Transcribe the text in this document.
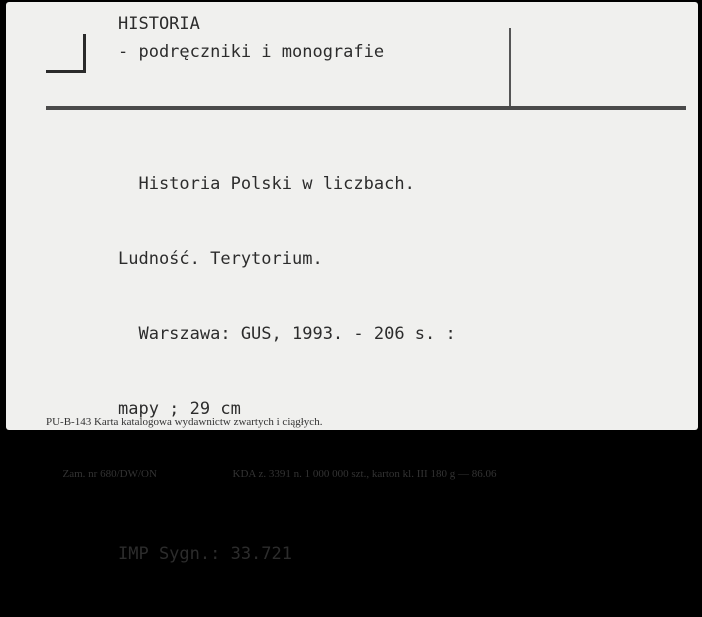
HISTORIA
- podręczniki i monografie

Historia Polski w liczbach.

Ludność. Terytorium.

Warszawa: GUS, 1993. - 206 s. :

mapy ; 29 cm

IMP Sygn.: 33.721

PU-B-143 Karta katalogowa wydawnictw zwartych i ciągłych.

Zam. nr 680/DW/ON	KDA z. 3391 n. 1 000 000 szt., karton kl. III 180 g — 86.06
